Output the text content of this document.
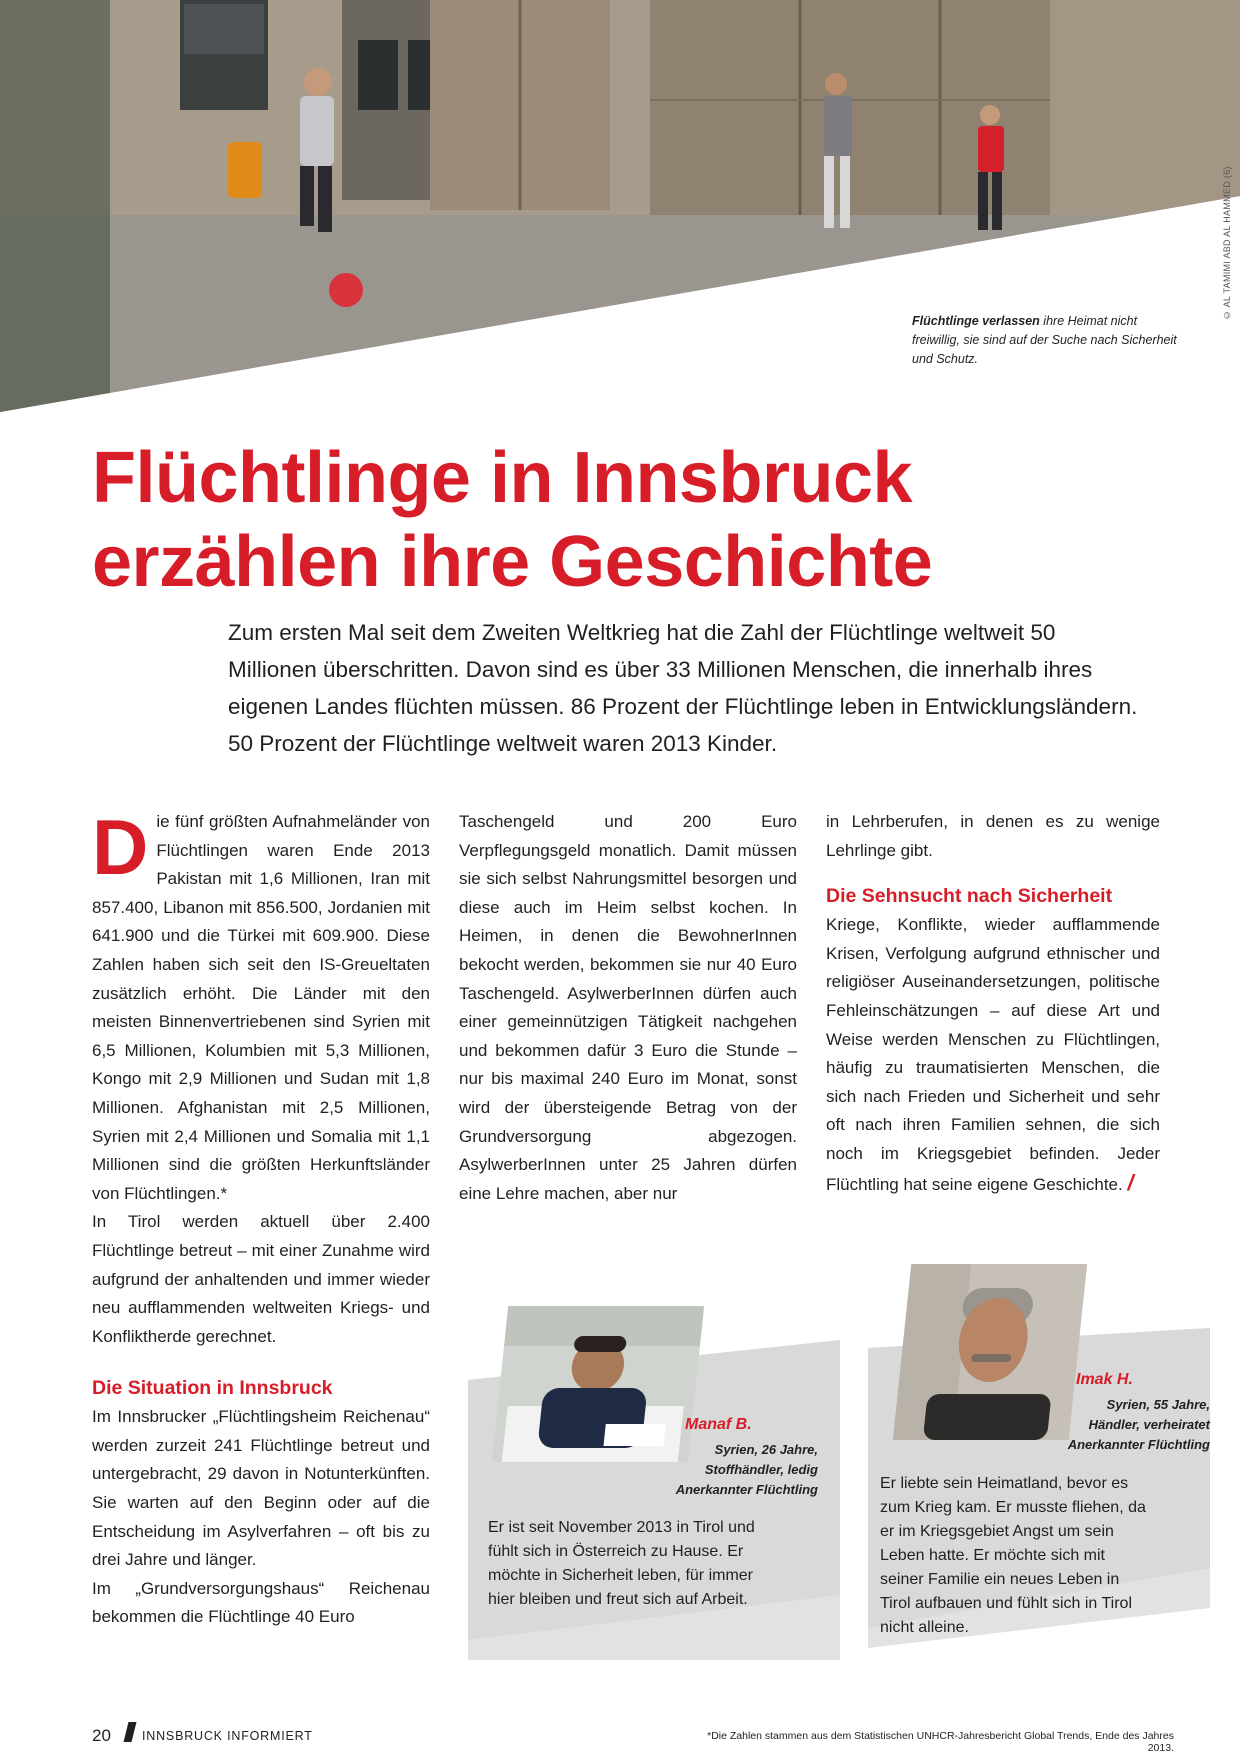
© AL TAMIMI ABD AL HAMMED (6)
Flüchtlinge verlassen ihre Heimat nicht freiwillig, sie sind auf der Suche nach Sicherheit und Schutz.
Flüchtlinge in Innsbruck
erzählen ihre Geschichte

Zum ersten Mal seit dem Zweiten Weltkrieg hat die Zahl der Flüchtlinge weltweit 50 Millionen überschritten. Davon sind es über 33 Millionen Menschen, die innerhalb ihres eigenen Landes flüchten müssen. 86 Prozent der Flüchtlinge leben in Entwicklungsländern. 50 Prozent der Flüchtlinge weltweit waren 2013 Kinder.

Die fünf größten Aufnahmeländer von Flüchtlingen waren Ende 2013 Pakistan mit 1,6 Millionen, Iran mit 857.400, Libanon mit 856.500, Jordanien mit 641.900 und die Türkei mit 609.900. Diese Zahlen haben sich seit den IS-Greueltaten zusätzlich erhöht. Die Länder mit den meisten Binnenvertriebenen sind Syrien mit 6,5 Millionen, Kolumbien mit 5,3 Millionen, Kongo mit 2,9 Millionen und Sudan mit 1,8 Millionen. Afghanistan mit 2,5 Millionen, Syrien mit 2,4 Millionen und Somalia mit 1,1 Millionen sind die größten Herkunftsländer von Flüchtlingen.*

In Tirol werden aktuell über 2.400 Flüchtlinge betreut – mit einer Zunahme wird aufgrund der anhaltenden und immer wieder neu aufflammenden weltweiten Kriegs- und Konfliktherde gerechnet.

Die Situation in Innsbruck

Im Innsbrucker „Flüchtlingsheim Reichenau“ werden zurzeit 241 Flüchtlinge betreut und untergebracht, 29 davon in Notunterkünften. Sie warten auf den Beginn oder auf die Entscheidung im Asylverfahren – oft bis zu drei Jahre und länger.

Im „Grundversorgungshaus“ Reichenau bekommen die Flüchtlinge 40 Euro

Taschengeld und 200 Euro Verpflegungsgeld monatlich. Damit müssen sie sich selbst Nahrungsmittel besorgen und diese auch im Heim selbst kochen. In Heimen, in denen die BewohnerInnen bekocht werden, bekommen sie nur 40 Euro Taschengeld. AsylwerberInnen dürfen auch einer gemeinnützigen Tätigkeit nachgehen und bekommen dafür 3 Euro die Stunde – nur bis maximal 240 Euro im Monat, sonst wird der übersteigende Betrag von der Grundversorgung abgezogen. AsylwerberInnen unter 25 Jahren dürfen eine Lehre machen, aber nur

in Lehrberufen, in denen es zu wenige Lehrlinge gibt.

Die Sehnsucht nach Sicherheit

Kriege, Konflikte, wieder aufflammende Krisen, Verfolgung aufgrund ethnischer und religiöser Auseinandersetzungen, politische Fehleinschätzungen – auf diese Art und Weise werden Menschen zu Flüchtlingen, häufig zu traumatisierten Menschen, die sich nach Frieden und Sicherheit und sehr oft nach ihren Familien sehnen, die sich noch im Kriegsgebiet befinden. Jeder Flüchtling hat seine eigene Geschichte. /

Manaf B.
Syrien, 26 Jahre,
Stoffhändler, ledig
Anerkannter Flüchtling
Er ist seit November 2013 in Tirol und fühlt sich in Österreich zu Hause. Er möchte in Sicherheit leben, für immer hier bleiben und freut sich auf Arbeit.
Imak H.
Syrien, 55 Jahre,
Händler, verheiratet
Anerkannter Flüchtling
Er liebte sein Heimatland, bevor es zum Krieg kam. Er musste fliehen, da er im Kriegsgebiet Angst um sein Leben hatte. Er möchte sich mit seiner Familie ein neues Leben in Tirol aufbauen und fühlt sich in Tirol nicht alleine.
20 INNSBRUCK INFORMIERT	*Die Zahlen stammen aus dem Statistischen UNHCR-Jahresbericht Global Trends, Ende des Jahres 2013.
